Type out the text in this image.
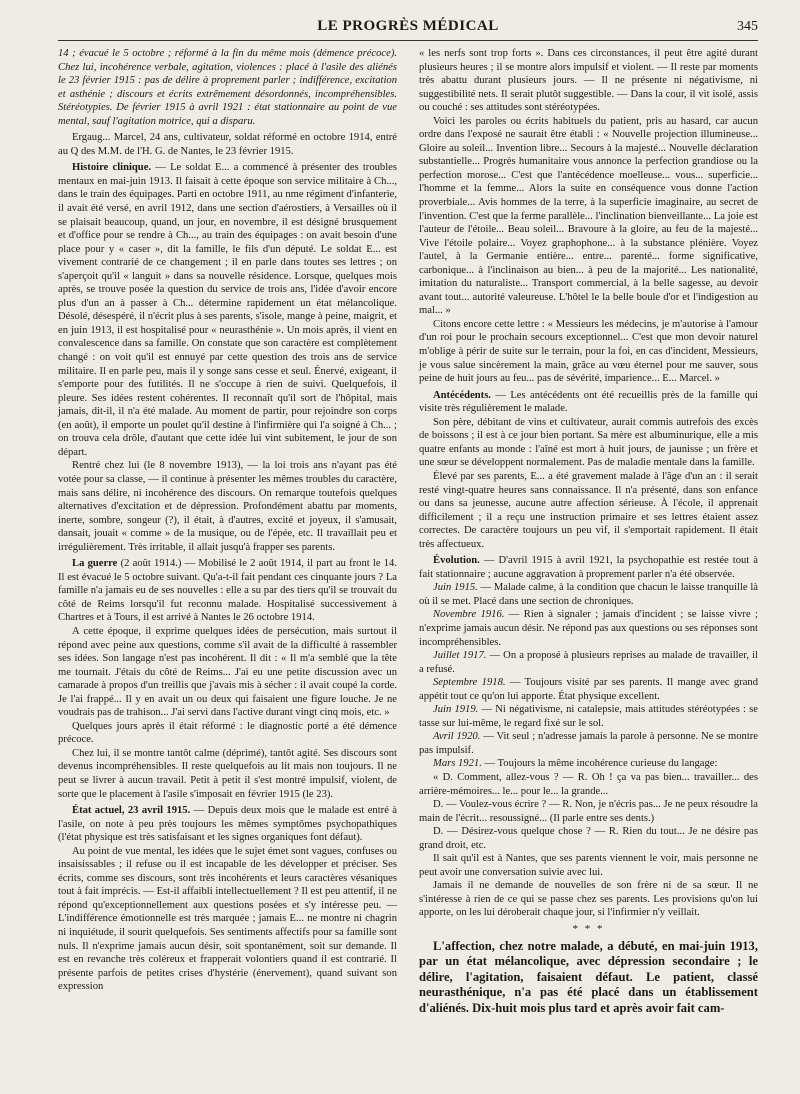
LE PROGRÈS MÉDICAL	345

14 ; évacué le 5 octobre ; réformé à la fin du même mois (démence précoce). Chez lui, incohérence verbale, agitation, violences : placé à l'asile des aliénés le 23 février 1915 : pas de délire à proprement parler ; indifférence, excitation et asthénie ; discours et écrits extrêmement désordonnés, incompréhensibles. Stéréotypies. De février 1915 à avril 1921 : état stationnaire au point de vue mental, sauf l'agitation motrice, qui a disparu.

Ergaug... Marcel, 24 ans, cultivateur, soldat réformé en octobre 1914, entré au Q des M.M. de l'H. G. de Nantes, le 23 février 1915.

Histoire clinique. — Le soldat E... a commencé à présenter des troubles mentaux en mai-juin 1913. Il faisait à cette époque son service militaire à Ch..., dans le train des équipages. Parti en octobre 1911, au nme régiment d'infanterie, il avait été versé, en avril 1912, dans une section d'aérostiers, à Versailles où il se plaisait beaucoup, quand, un jour, en novembre, il est désigné brusquement et d'office pour se rendre à Ch..., au train des équipages : on avait besoin d'une place pour y « caser », dit la famille, le fils d'un député. Le soldat E... est vivement contrarié de ce changement ; il en parle dans toutes ses lettres ; on s'aperçoit qu'il « languit » dans sa nouvelle résidence. Lorsque, quelques mois après, se trouve posée la question du service de trois ans, l'idée d'avoir encore plus d'un an à passer à Ch... détermine rapidement un état mélancolique. Désolé, désespéré, il n'écrit plus à ses parents, s'isole, mange à peine, maigrit, et en juin 1913, il est hospitalisé pour « neurasthénie ». Un mois après, il vient en convalescence dans sa famille. On constate que son caractère est complètement changé : on voit qu'il est ennuyé par cette question des trois ans de service militaire. Il en parle peu, mais il y songe sans cesse et seul. Énervé, exigeant, il s'emporte pour des futilités. Il ne s'occupe à rien de suivi. Quelquefois, il pleure. Ses idées restent cohérentes. Il reconnaît qu'il sort de l'hôpital, mais jamais, dit-il, il n'a été malade. Au moment de partir, pour rejoindre son corps (en août), il emporte un poulet qu'il destine à l'infirmière qui l'a soigné à Ch... ; on trouva cela drôle, d'autant que cette idée lui vint subitement, le jour de son départ.

Rentré chez lui (le 8 novembre 1913), — la loi trois ans n'ayant pas été votée pour sa classe, — il continue à présenter les mêmes troubles du caractère, mais sans délire, ni incohérence des discours. On remarque toutefois quelques alternatives d'excitation et de dépression. Profondément abattu par moments, inerte, sombre, songeur (?), il était, à d'autres, excité et joyeux, il s'amusait, dansait, jouait « comme » de la musique, ou de l'épée, etc. Il travaillait peu et irrégulièrement. Très irritable, il allait jusqu'à frapper ses parents.

La guerre (2 août 1914.) — Mobilisé le 2 août 1914, il part au front le 14. Il est évacué le 5 octobre suivant. Qu'a-t-il fait pendant ces cinquante jours ? La famille n'a jamais eu de ses nouvelles : elle a su par des tiers qu'il se trouvait du côté de Reims lorsqu'il fut reconnu malade. Hospitalisé successivement à Chartres et à Tours, il est arrivé à Nantes le 26 octobre 1914.

A cette époque, il exprime quelques idées de persécution, mais surtout il répond avec peine aux questions, comme s'il avait de la difficulté à rassembler ses idées. Son langage n'est pas incohérent. Il dit : « Il m'a semblé que la tête me tournait. J'étais du côté de Reims... J'ai eu une petite discussion avec un camarade à propos d'un treillis que j'avais mis à sécher : il avait coupé la corde. Je l'ai frappé... Il y en avait un ou deux qui faisaient une figure louche. Je ne voudrais pas de trahison... J'ai servi dans l'active durant vingt cinq mois, etc. »

Quelques jours après il était réformé : le diagnostic porté a été démence précoce.

Chez lui, il se montre tantôt calme (déprimé), tantôt agité. Ses discours sont devenus incompréhensibles. Il reste quelquefois au lit mais non toujours. Il ne peut se livrer à aucun travail. Petit à petit il s'est montré impulsif, violent, de sorte que le placement à l'asile s'imposait en février 1915 (le 23).

État actuel, 23 avril 1915. — Depuis deux mois que le malade est entré à l'asile, on note à peu près toujours les mêmes symptômes psychopathiques (l'état physique est très satisfaisant et les signes organiques font défaut).

Au point de vue mental, les idées que le sujet émet sont vagues, confuses ou insaisissables ; il refuse ou il est incapable de les développer et préciser. Ses écrits, comme ses discours, sont très incohérents et leurs caractères vésaniques tout à fait imprécis. — Est-il affaibli intellectuellement ? Il est peu attentif, il ne répond qu'exceptionnellement aux questions posées et s'y intéresse peu. — L'indifférence émotionnelle est très marquée ; jamais E... ne montre ni chagrin ni inquiétude, il sourit quelquefois. Ses sentiments affectifs pour sa famille sont nuls. Il n'exprime jamais aucun désir, soit spontanément, soit sur demande. Il est en revanche très coléreux et frapperait volontiers quand il est contrarié. Il présente parfois de petites crises d'hystérie (énervement), quand suivant son expression

« les nerfs sont trop forts ». Dans ces circonstances, il peut être agité durant plusieurs heures ; il se montre alors impulsif et violent. — Il reste par moments très abattu durant plusieurs jours. — Il ne présente ni négativisme, ni suggestibilité nets. Il serait plutôt suggestible. — Dans la cour, il vit isolé, assis ou couché : ses attitudes sont stéréotypées.

Voici les paroles ou écrits habituels du patient, pris au hasard, car aucun ordre dans l'exposé ne saurait être établi : « Nouvelle projection illumineuse... Gloire au soleil... Invention libre... Secours à la majesté... Nouvelle déclaration substantielle... Progrès humanitaire vous annonce la perfection grandiose ou la perfection morose... C'est que l'antécédence moelleuse... vous... superficie... l'homme et la femme... Alors la suite en conséquence vous donne l'action proverbiale... Avis hommes de la terre, à la superficie imaginaire, au secret de l'invention. C'est que la ferme parallèle... l'inclination bienveillante... La joie est l'auteur de l'étoile... Beau soleil... Bravoure à la gloire, au feu de la majesté... Vive l'étoile polaire... Voyez graphophone... à la substance plénière. Voyez l'autel, à la Germanie entière... entre... parenté... forme significative, carbonique... à l'inclinaison au bien... à peu de la majorité... Les nationalité, imitation du naturaliste... Transport commercial, à la belle sagesse, au devoir avant tout... autorité valeureuse. L'hôtel le la belle boule d'or et l'indigestion au mal... »

Citons encore cette lettre : « Messieurs les médecins, je m'autorise à l'amour d'un roi pour le prochain secours exceptionnel... C'est que mon devoir naturel m'oblige à périr de suite sur le terrain, pour la foi, en cas d'incident, Messieurs, je vous salue sincèrement la main, grâce au vœu éternel pour me sauver, sous peine de huit jours au feu... pas de sévérité, imparience... E... Marcel. »

Antécédents. — Les antécédents ont été recueillis près de la famille qui visite très régulièrement le malade.

Son père, débitant de vins et cultivateur, aurait commis autrefois des excès de boissons ; il est à ce jour bien portant. Sa mère est albuminurique, elle a mis quatre enfants au monde : l'aîné est mort à huit jours, de jaunisse ; un frère et une sœur se développent normalement. Pas de maladie mentale dans la famille.

Élevé par ses parents, E... a été gravement malade à l'âge d'un an : il serait resté vingt-quatre heures sans connaissance. Il n'a présenté, dans son enfance ou dans sa jeunesse, aucune autre affection sérieuse. À l'école, il apprenait difficilement ; il a reçu une instruction primaire et ses lettres étaient assez correctes. De caractère toujours un peu vif, il s'emportait rapidement. Il était très affectueux.

Évolution. — D'avril 1915 à avril 1921, la psychopathie est restée tout à fait stationnaire ; aucune aggravation à proprement parler n'a été observée.

Juin 1915. — Malade calme, à la condition que chacun le laisse tranquille là où il se met. Placé dans une section de chroniques.

Novembre 1916. — Rien à signaler ; jamais d'incident ; se laisse vivre ; n'exprime jamais aucun désir. Ne répond pas aux questions ou ses réponses sont incompréhensibles.

Juillet 1917. — On a proposé à plusieurs reprises au malade de travailler, il a refusé.

Septembre 1918. — Toujours visité par ses parents. Il mange avec grand appétit tout ce qu'on lui apporte. État physique excellent.

Juin 1919. — Ni négativisme, ni catalepsie, mais attitudes stéréotypées : se tasse sur lui-même, le regard fixé sur le sol.

Avril 1920. — Vit seul ; n'adresse jamais la parole à personne. Ne se montre pas impulsif.

Mars 1921. — Toujours la même incohérence curieuse du langage:

« D. Comment, allez-vous ? — R. Oh ! ça va pas bien... travailler... des arrière-mémoires... le... pour le... la grande...

D. — Voulez-vous écrire ? — R. Non, je n'écris pas... Je ne peux résoudre la main de l'écrit... resoussigné... (Il parle entre ses dents.)

D. — Désirez-vous quelque chose ? — R. Rien du tout... Je ne désire pas grand droit, etc.

Il sait qu'il est à Nantes, que ses parents viennent le voir, mais personne ne peut avoir une conversation suivie avec lui.

Jamais il ne demande de nouvelles de son frère ni de sa sœur. Il ne s'intéresse à rien de ce qui se passe chez ses parents. Les provisions qu'on lui apporte, on les lui déroberait chaque jour, si l'infirmier n'y veillait.

* * *

L'affection, chez notre malade, a débuté, en mai-juin 1913, par un état mélancolique, avec dépression secondaire ; le délire, l'agitation, faisaient défaut. Le patient, classé neurasthénique, n'a pas été placé dans un établissement d'aliénés. Dix-huit mois plus tard et après avoir fait cam-
